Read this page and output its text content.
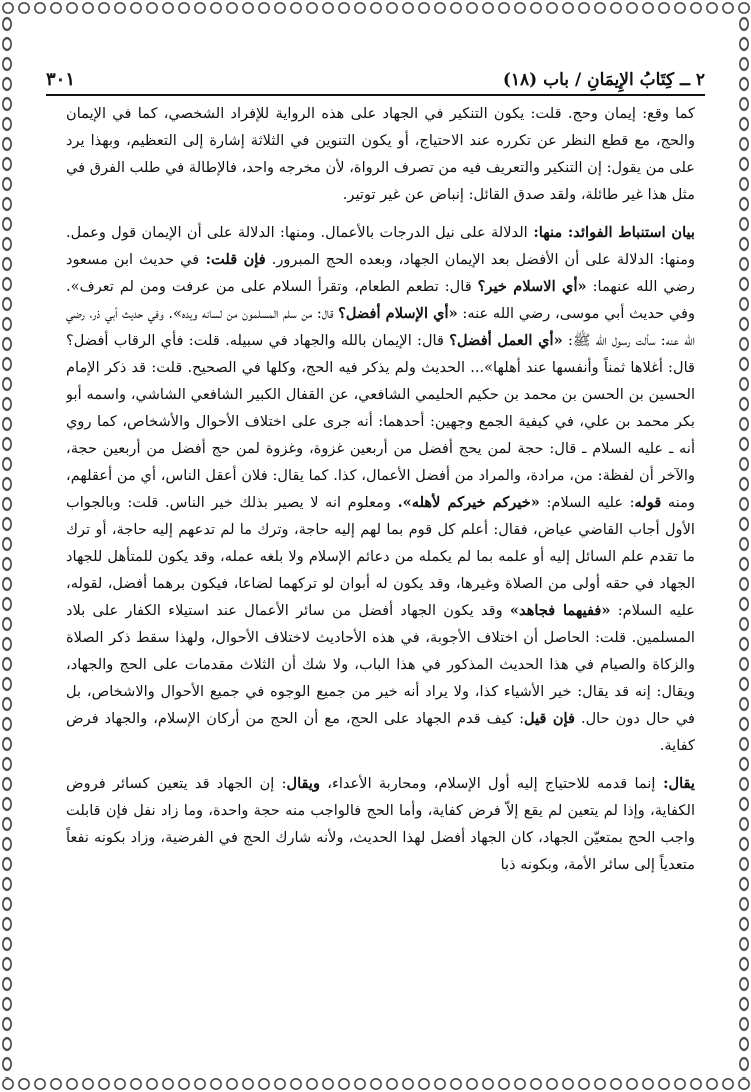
٢ ــ كِتَابُ الإِيمَانِ / باب (١٨)
٣٠١

كما وقع: إيمان وحج. قلت: يكون التنكير في الجهاد على هذه الرواية للإفراد الشخصي، كما في الإيمان والحج، مع قطع النظر عن تكرره عند الاحتياج، أو يكون التنوين في الثلاثة إشارة إلى التعظيم، وبهذا يرد على من يقول: إن التنكير والتعريف فيه من تصرف الرواة، لأن مخرجه واحد، فالإطالة في طلب الفرق في مثل هذا غير طائلة، ولقد صدق القائل: إنباض عن غير توتير.

بيان استنباط الفوائد: منها: الدلالة على نيل الدرجات بالأعمال. ومنها: الدلالة على أن الإيمان قول وعمل. ومنها: الدلالة على أن الأفضل بعد الإيمان الجهاد، وبعده الحج المبرور. فإن قلت: في حديث ابن مسعود رضي الله عنهما: «أي الاسلام خير؟ قال: تطعم الطعام، وتقرأ السلام على من عرفت ومن لم تعرف». وفي حديث أبي موسى، رضي الله عنه: «أي الإسلام أفضل؟ قال: من سلم المسلمون من لسانه ويده». وفي حديث أبي ذر، رضي الله عنه: سألت رسول الله ﷺ: «أي العمل أفضل؟ قال: الإيمان بالله والجهاد في سبيله. قلت: فأي الرقاب أفضل؟ قال: أغلاها ثمناً وأنفسها عند أهلها»... الحديث ولم يذكر فيه الحج، وكلها في الصحيح. قلت: قد ذكر الإمام الحسين بن الحسن بن محمد بن حكيم الحليمي الشافعي، عن القفال الكبير الشافعي الشاشي، واسمه أبو بكر محمد بن علي، في كيفية الجمع وجهين: أحدهما: أنه جرى على اختلاف الأحوال والأشخاص، كما روي أنه ـ عليه السلام ـ قال: حجة لمن يحج أفضل من أربعين غزوة، وغزوة لمن حج أفضل من أربعين حجة، والآخر أن لفظة: من، مرادة، والمراد من أفضل الأعمال، كذا. كما يقال: فلان أعقل الناس، أي من أعقلهم، ومنه قوله: عليه السلام: «خيركم خيركم لأهله». ومعلوم انه لا يصير بذلك خير الناس. قلت: وبالجواب الأول أجاب القاضي عياض، فقال: أعلم كل قوم بما لهم إليه حاجة، وترك ما لم تدعهم إليه حاجة، أو ترك ما تقدم علم السائل إليه أو علمه بما لم يكمله من دعائم الإسلام ولا بلغه عمله، وقد يكون للمتأهل للجهاد الجهاد في حقه أولى من الصلاة وغيرها، وقد يكون له أبوان لو تركهما لضاعا، فيكون برهما أفضل، لقوله، عليه السلام: «ففيهما فجاهد» وقد يكون الجهاد أفضل من سائر الأعمال عند استيلاء الكفار على بلاد المسلمين. قلت: الحاصل أن اختلاف الأجوبة، في هذه الأحاديث لاختلاف الأحوال، ولهذا سقط ذكر الصلاة والزكاة والصيام في هذا الحديث المذكور في هذا الباب، ولا شك أن الثلاث مقدمات على الحج والجهاد، ويقال: إنه قد يقال: خير الأشياء كذا، ولا يراد أنه خير من جميع الوجوه في جميع الأحوال والاشخاص، بل في حال دون حال. فإن قيل: كيف قدم الجهاد على الحج، مع أن الحج من أركان الإسلام، والجهاد فرض كفاية.

يقال: إنما قدمه للاحتياج إليه أول الإسلام، ومحاربة الأعداء، ويقال: إن الجهاد قد يتعين كسائر فروض الكفاية، وإذا لم يتعين لم يقع إلاّ فرض كفاية، وأما الحج فالواجب منه حجة واحدة، وما زاد نفل فإن قابلت واجب الحج بمتعيّن الجهاد، كان الجهاد أفضل لهذا الحديث، ولأنه شارك الحج في الفرضية، وزاد بكونه نفعاً متعدياً إلى سائر الأمة، وبكونه ذبا
